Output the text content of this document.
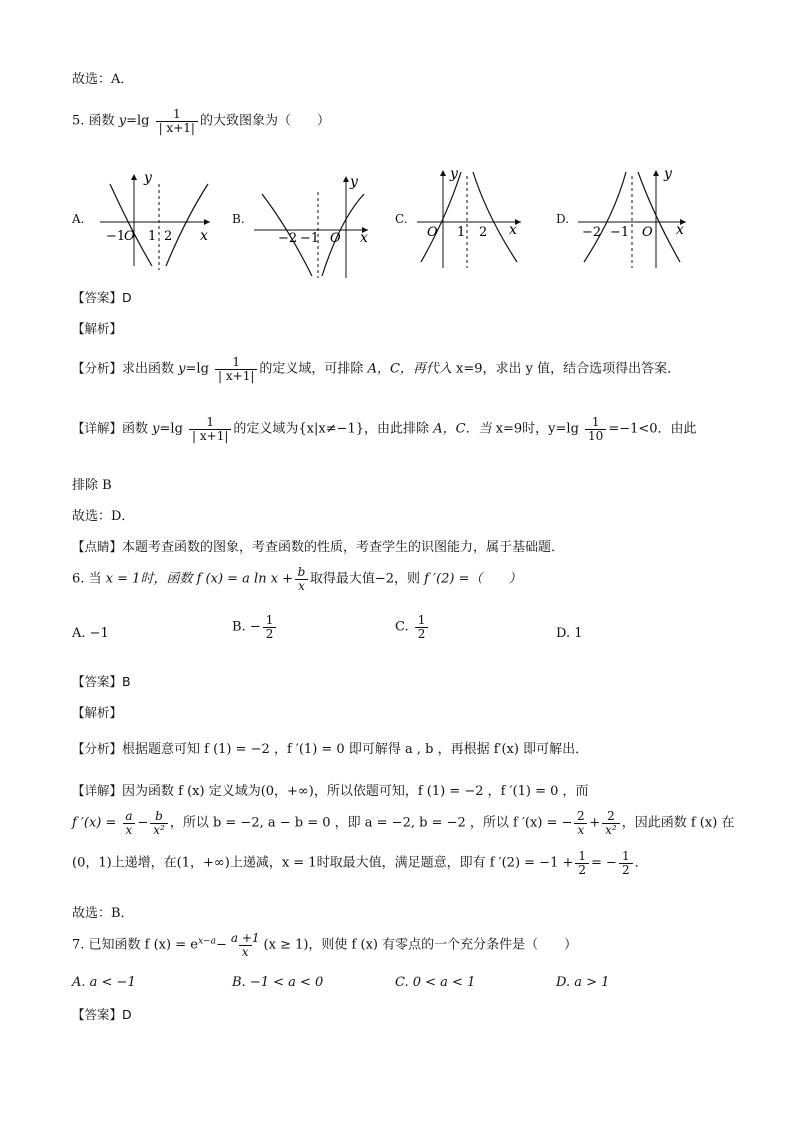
故选：A．
5. 函数 $y=\lg \frac{1}{| x+1|}$ 的大致图象为（　　）
A.
y
x
−1
O 1 2
B.
y
x
−2 −1 O
C.
y
x
O 1 2
D.
y
x
−2 −1 O
【答案】D
【解析】
【分析】求出函数 $y=\lg \frac{1}{| x+1|}$ 的定义域，可排除 A，C，再代入 x=9，求出 y 值，结合选项得出答案．
【详解】函数 $y=\lg \frac{1}{| x+1|}$ 的定义域为{x|x≠−1}，由此排除 A，C．当 x=9时，$y=\lg \frac{1}{10} =-1<0$．由此
排除 B
故选：D．
【点睛】本题考查函数的图象，考查函数的性质，考查学生的识图能力，属于基础题．
6. 当 x = 1时，函数 f (x) = a $\ln x + \frac{b}{x}$ 取得最大值−2，则 f ′(2) =（　　）
A. −1	B. − $\frac{1}{2}$	C. $\frac{1}{2}$	D. 1
【答案】B
【解析】
【分析】根据题意可知 f (1) = −2 ，f ′(1) = 0 即可解得 a , b ，再根据 f′(x) 即可解出．
【详解】因为函数 f (x) 定义域为(0，+∞)，所以依题可知，f (1) = −2 ，f ′(1) = 0 ，而
f $'(x) = \frac{a}{x} - \frac{b}{\text{x²}}$ ，所以 b = −2, a − b = 0 ，即 a = −2, b = −2 ，所以 f ′(x) = − $\frac{2}{x} + \frac{2}{\text{x²}}$ ，因此函数 f (x) 在
(0，1)上递增，在(1，+∞)上递减，x = 1时取最大值，满足题意，即有 f $'(2) = -1 + \frac{1}{2}$ = − $\frac{1}{2}$ ．
故选：B．
7. 已知函数 f $(x) = e^{x-a}- \frac{a +1}{x} (x \ge 1)$，则使 f (x) 有零点的一个充分条件是（　　）
A. a < −1	B. −1 < a < 0	C. 0 < a < 1	D. a > 1
【答案】D
